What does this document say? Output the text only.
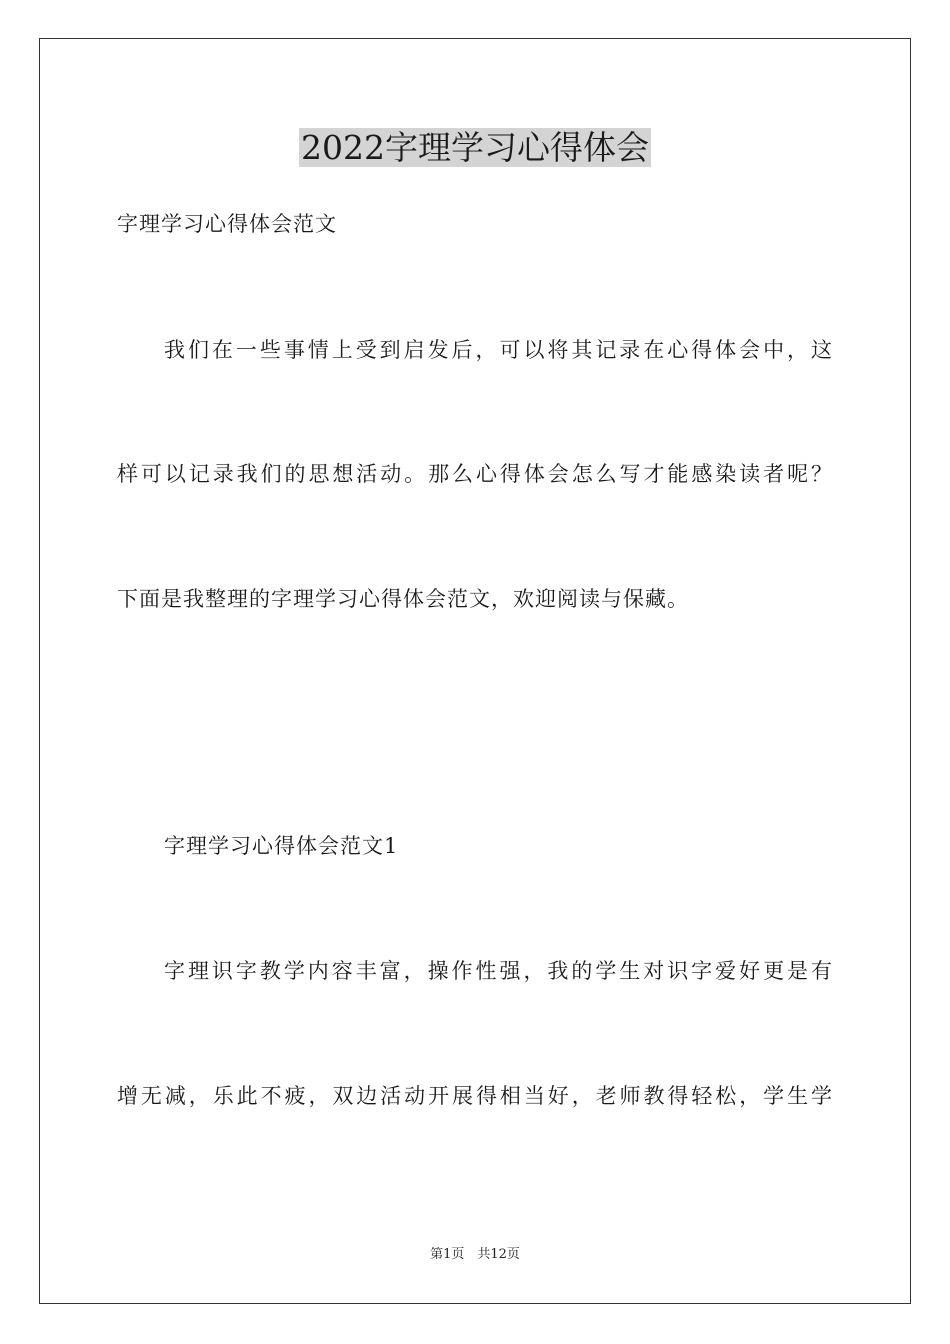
2022字理学习心得体会
字理学习心得体会范文
我们在一些事情上受到启发后，可以将其记录在心得体会中，这
样可以记录我们的思想活动。那么心得体会怎么写才能感染读者呢？
下面是我整理的字理学习心得体会范文，欢迎阅读与保藏。
字理学习心得体会范文1
字理识字教学内容丰富，操作性强，我的学生对识字爱好更是有
增无减，乐此不疲，双边活动开展得相当好，老师教得轻松，学生学
第1页　共12页
